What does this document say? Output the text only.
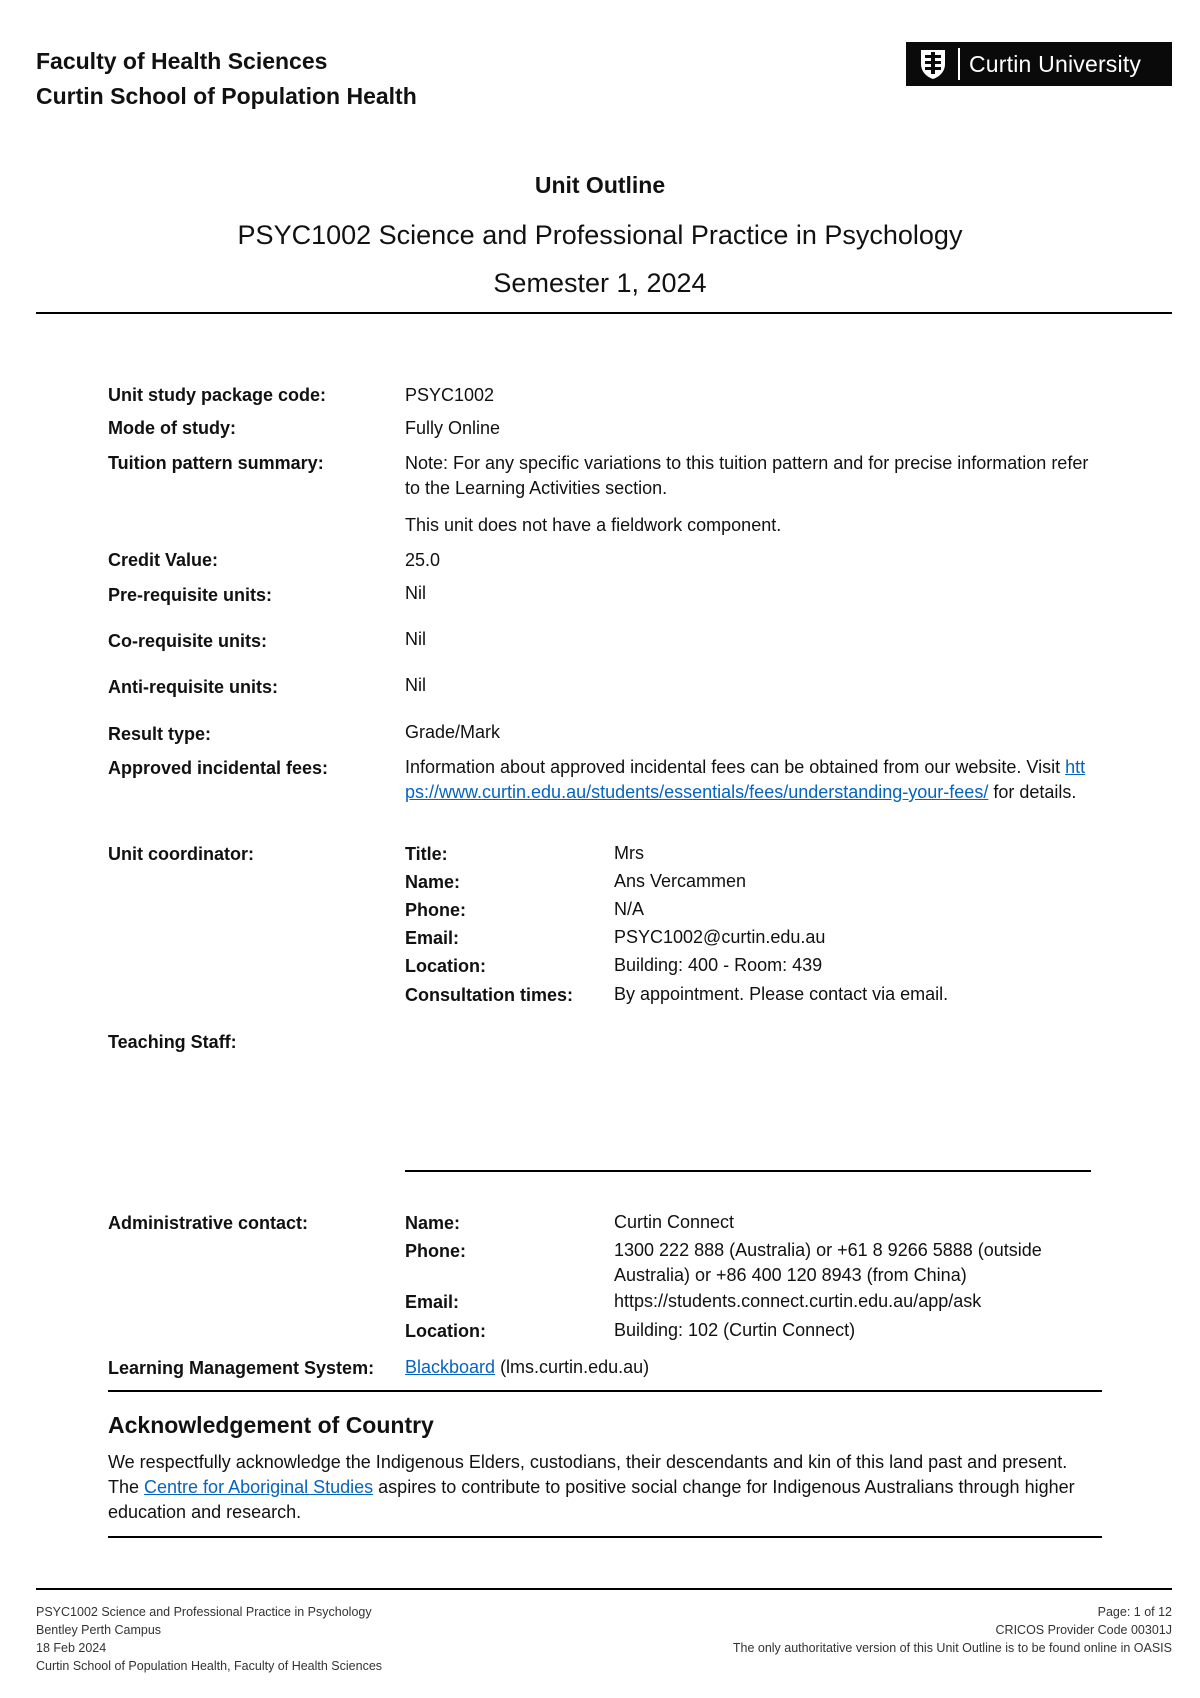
Faculty of Health Sciences
Curtin School of Population Health
Curtin University
Unit Outline
PSYC1002 Science and Professional Practice in Psychology
Semester 1, 2024
Unit study package code:	PSYC1002
Mode of study:	Fully Online
Tuition pattern summary:	Note: For any specific variations to this tuition pattern and for precise information refer to the Learning Activities section.
This unit does not have a fieldwork component.
Credit Value:	25.0
Pre-requisite units:	Nil
Co-requisite units:	Nil
Anti-requisite units:	Nil
Result type:	Grade/Mark
Approved incidental fees:	Information about approved incidental fees can be obtained from our website. Visit https://www.curtin.edu.au/students/essentials/fees/understanding-your-fees/ for details.
Unit coordinator:	Title:	Mrs
Name:	Ans Vercammen
Phone:	N/A
Email:	PSYC1002@curtin.edu.au
Location:	Building: 400 - Room: 439
Consultation times: By appointment. Please contact via email.
Teaching Staff:
Administrative contact:	Name:	Curtin Connect
Phone:	1300 222 888 (Australia) or +61 8 9266 5888 (outside Australia) or +86 400 120 8943 (from China)
Email:	https://students.connect.curtin.edu.au/app/ask
Location:	Building: 102 (Curtin Connect)
Learning Management System: Blackboard (lms.curtin.edu.au)
Acknowledgement of Country
We respectfully acknowledge the Indigenous Elders, custodians, their descendants and kin of this land past and present. The Centre for Aboriginal Studies aspires to contribute to positive social change for Indigenous Australians through higher education and research.
PSYC1002 Science and Professional Practice in Psychology
Bentley Perth Campus
18 Feb 2024
Curtin School of Population Health, Faculty of Health Sciences
Page: 1 of 12
CRICOS Provider Code 00301J
The only authoritative version of this Unit Outline is to be found online in OASIS
